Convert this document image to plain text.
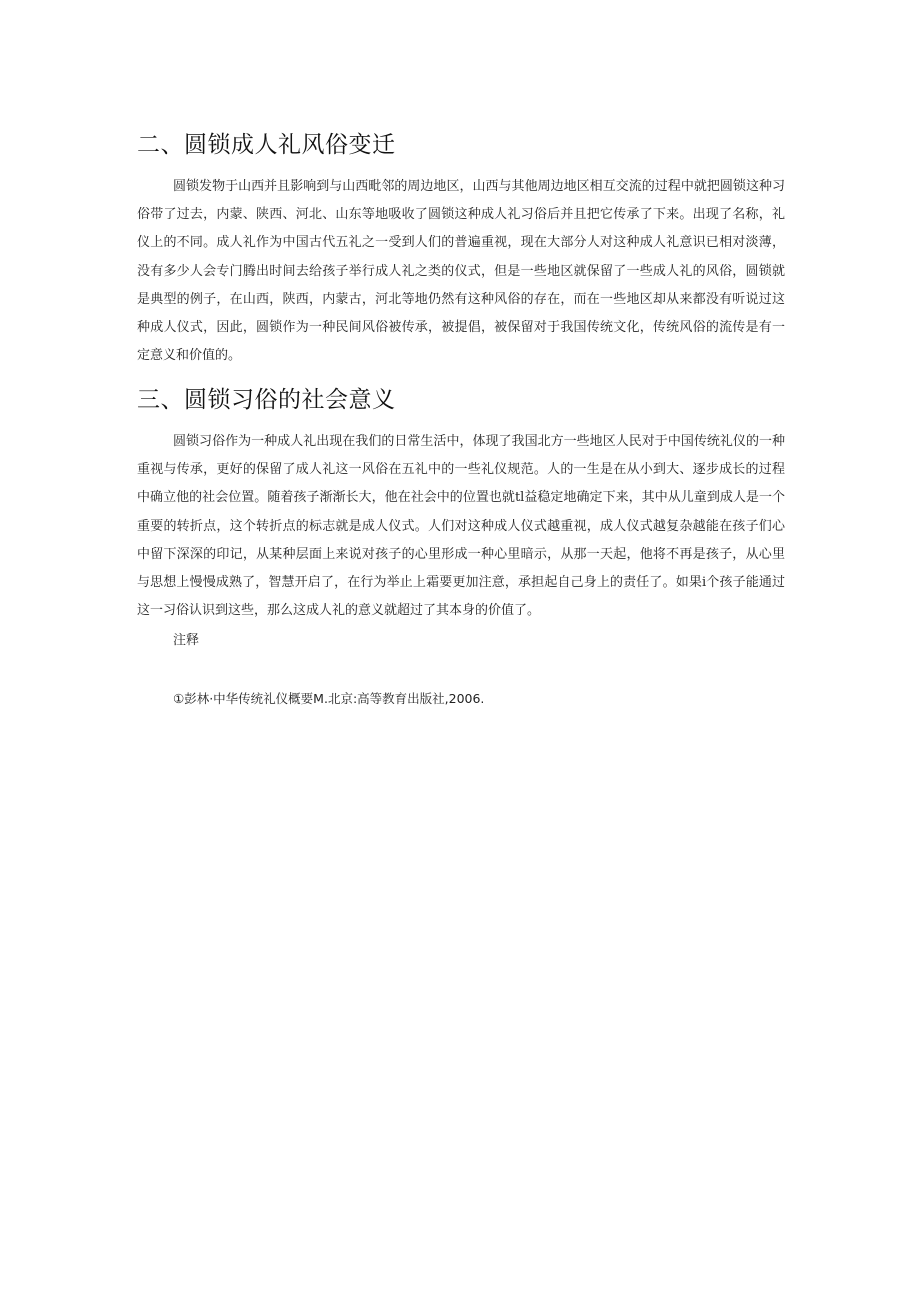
二、圆锁成人礼风俗变迁

圆锁发物于山西并且影响到与山西毗邻的周边地区，山西与其他周边地区相互交流的过程中就把圆锁这种习俗带了过去，内蒙、陕西、河北、山东等地吸收了圆锁这种成人礼习俗后并且把它传承了下来。出现了名称，礼仪上的不同。成人礼作为中国古代五礼之一受到人们的普遍重视，现在大部分人对这种成人礼意识已相对淡薄，没有多少人会专门腾出时间去给孩子举行成人礼之类的仪式，但是一些地区就保留了一些成人礼的风俗，圆锁就是典型的例子，在山西，陕西，内蒙古，河北等地仍然有这种风俗的存在，而在一些地区却从来都没有听说过这种成人仪式，因此，圆锁作为一种民间风俗被传承，被提倡，被保留对于我国传统文化，传统风俗的流传是有一定意义和价值的。

三、圆锁习俗的社会意义

圆锁习俗作为一种成人礼出现在我们的日常生活中，体现了我国北方一些地区人民对于中国传统礼仪的一种重视与传承，更好的保留了成人礼这一风俗在五礼中的一些礼仪规范。人的一生是在从小到大、逐步成长的过程中确立他的社会位置。随着孩子渐渐长大，他在社会中的位置也就tl益稳定地确定下来，其中从儿童到成人是一个重要的转折点，这个转折点的标志就是成人仪式。人们对这种成人仪式越重视，成人仪式越复杂越能在孩子们心中留下深深的印记，从某种层面上来说对孩子的心里形成一种心里暗示，从那一天起，他将不再是孩子，从心里与思想上慢慢成熟了，智慧开启了，在行为举止上霜要更加注意，承担起自己身上的责任了。如果i个孩子能通过这一习俗认识到这些，那么这成人礼的意义就超过了其本身的价值了。

注释

①彭林·中华传统礼仪概要M.北京:高等教育出版社,2006.
